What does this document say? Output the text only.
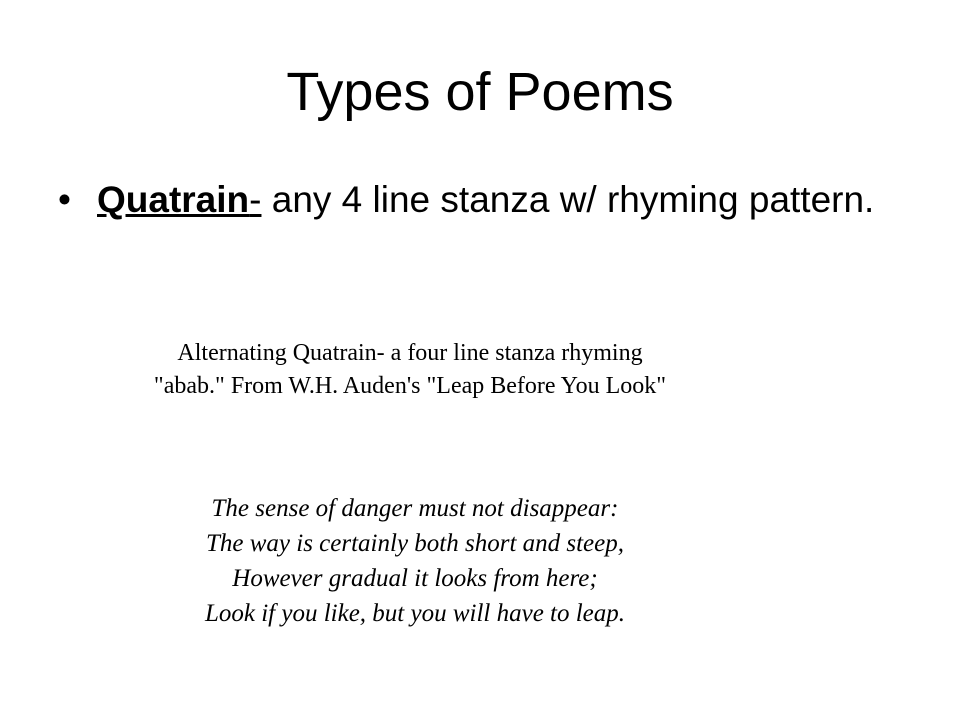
Types of Poems
• Quatrain- any 4 line stanza w/ rhyming pattern.
Alternating Quatrain- a four line stanza rhyming
"abab." From W.H. Auden's "Leap Before You Look"
The sense of danger must not disappear:
The way is certainly both short and steep,
However gradual it looks from here;
Look if you like, but you will have to leap.
